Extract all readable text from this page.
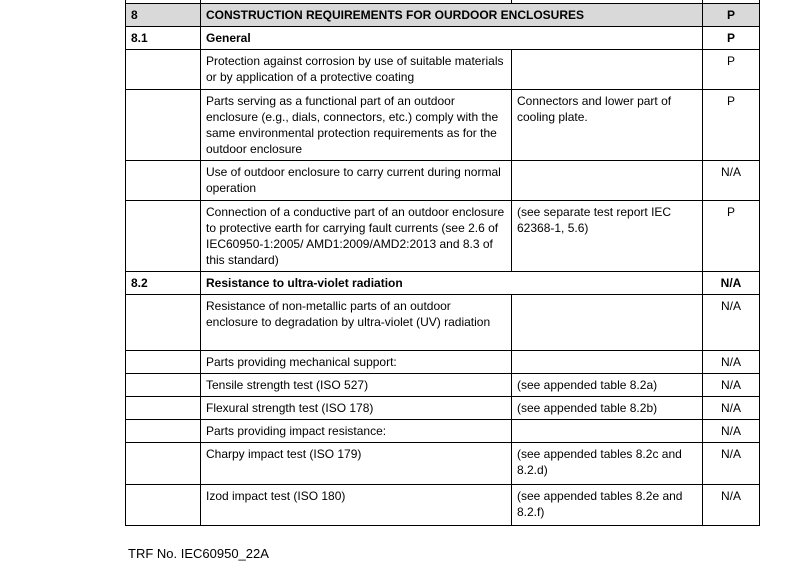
8	CONSTRUCTION REQUIREMENTS FOR OURDOOR ENCLOSURES		P
8.1	General		P
	Protection against corrosion by use of suitable materials or by application of a protective coating		P
	Parts serving as a functional part of an outdoor enclosure (e.g., dials, connectors, etc.) comply with the same environmental protection requirements as for the outdoor enclosure	Connectors and lower part of cooling plate.	P
	Use of outdoor enclosure to carry current during normal operation		N/A
	Connection of a conductive part of an outdoor enclosure to protective earth for carrying fault currents (see 2.6 of IEC60950-1:2005/ AMD1:2009/AMD2:2013 and 8.3 of this standard)	(see separate test report IEC 62368-1, 5.6)	P
8.2	Resistance to ultra-violet radiation		N/A
	Resistance of non-metallic parts of an outdoor enclosure to degradation by ultra-violet (UV) radiation		N/A
	Parts providing mechanical support:		N/A
	Tensile strength test (ISO 527)	(see appended table 8.2a)	N/A
	Flexural strength test (ISO 178)	(see appended table 8.2b)	N/A
	Parts providing impact resistance:		N/A
	Charpy impact test (ISO 179)	(see appended tables 8.2c and 8.2.d)	N/A
	Izod impact test (ISO 180)	(see appended tables 8.2e and 8.2.f)	N/A
TRF No. IEC60950_22A
